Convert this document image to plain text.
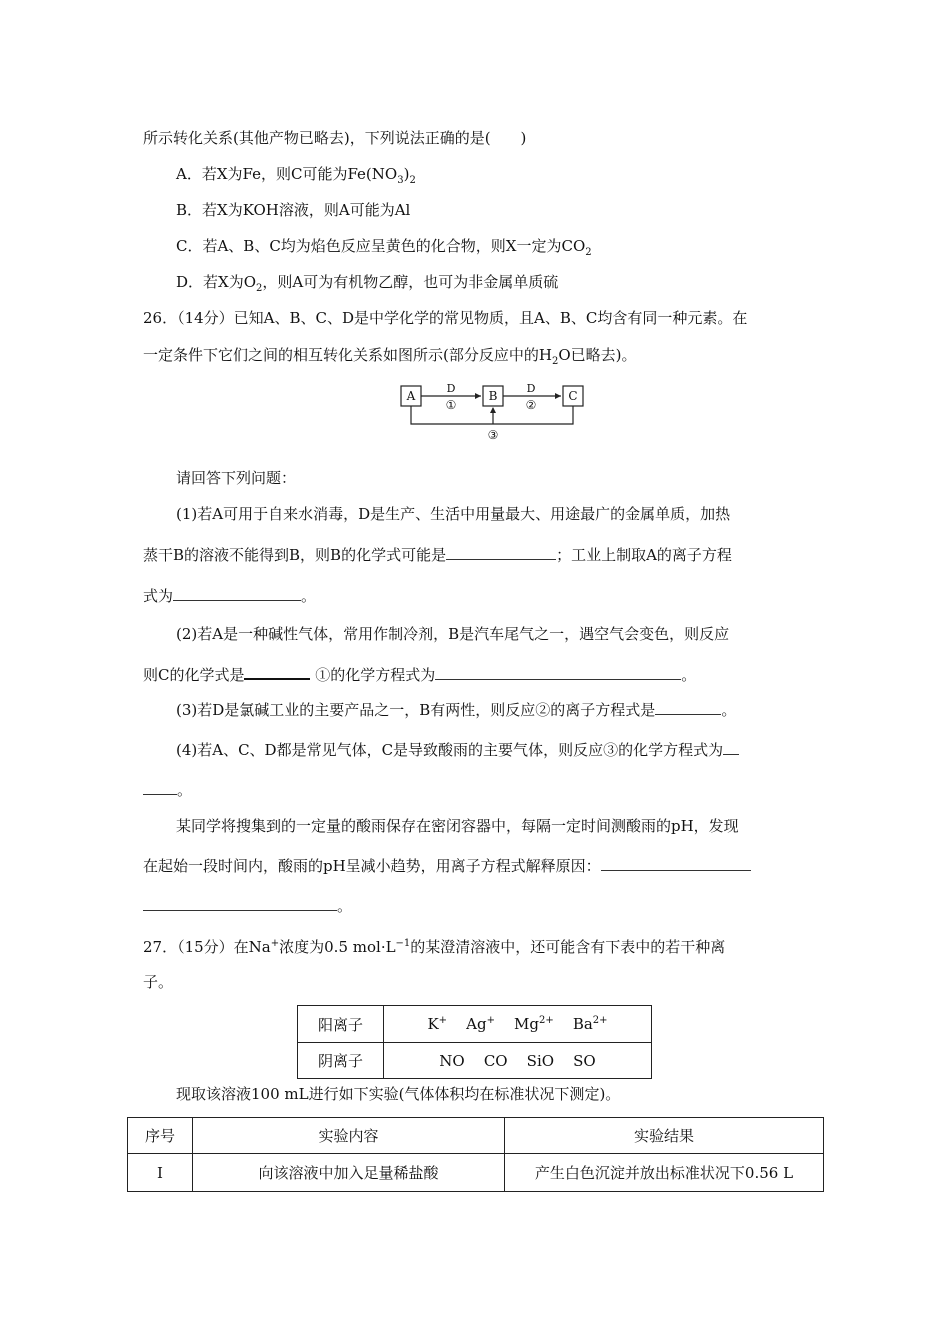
所示转化关系(其他产物已略去)，下列说法正确的是(　　)
A．若X为Fe，则C可能为$Fe(NO_3)_2$
B．若X为KOH溶液，则A可能为Al
C．若A、B、C均为焰色反应呈黄色的化合物，则X一定为$CO_2$
D．若X为$O_2$，则A可为有机物乙醇，也可为非金属单质硫
26．（14分）已知A、B、C、D是中学化学的常见物质，且A、B、C均含有同一种元素。在
一定条件下它们之间的相互转化关系如图所示(部分反应中的$H_2O$已略去)。
A	B	C
D
①
D
②
③
请回答下列问题：
(1)若A可用于自来水消毒，D是生产、生活中用量最大、用途最广的金属单质，加热
蒸干B的溶液不能得到B，则B的化学式可能是	；工业上制取A的离子方程
式为	。
(2)若A是一种碱性气体，常用作制冷剂，B是汽车尾气之一，遇空气会变色，则反应
则C的化学式是	①的化学方程式为	。
(3)若D是氯碱工业的主要产品之一，B有两性，则反应②的离子方程式是	。
(4)若A、C、D都是常见气体，C是导致酸雨的主要气体，则反应③的化学方程式为
。
某同学将搜集到的一定量的酸雨保存在密闭容器中，每隔一定时间测酸雨的pH，发现
在起始一段时间内，酸雨的pH呈减小趋势，用离子方程式解释原因：
。
27．（15分）在Na+浓度为0.5 $mol\cdot L^{-1}$的某澄清溶液中，还可能含有下表中的若干种离
子。
阳离子	K+ Ag+ $Mg^{2+}$ $Ba^{2+}$
阴离子	NO CO SiO SO
现取该溶液100 mL进行如下实验(气体体积均在标准状况下测定)。
序号	实验内容	实验结果
Ⅰ	向该溶液中加入足量稀盐酸	产生白色沉淀并放出标准状况下0.56 L
